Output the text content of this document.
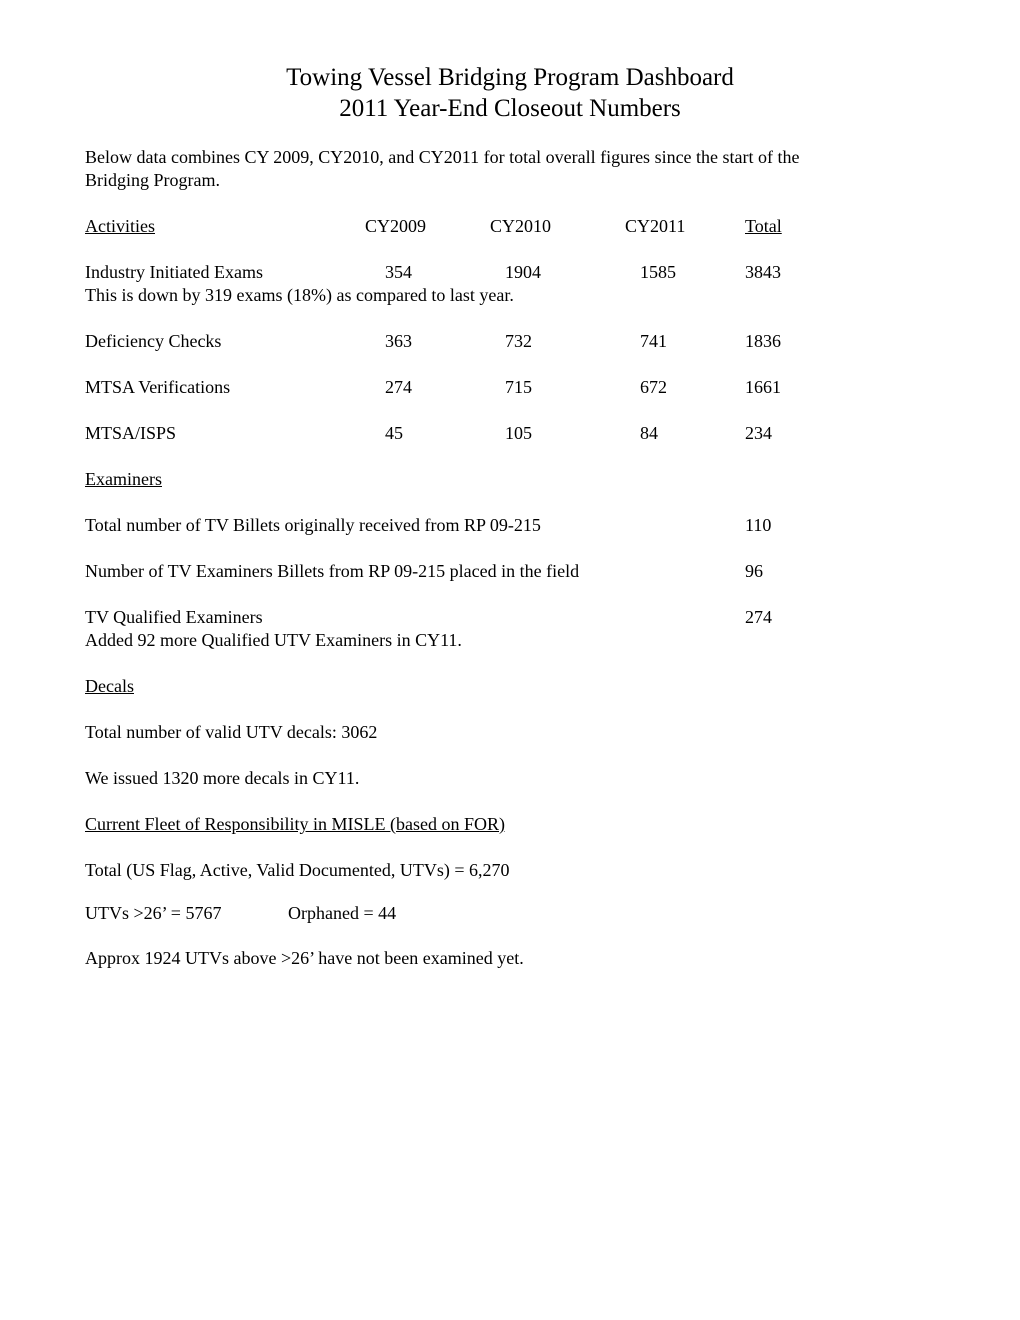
Towing Vessel Bridging Program Dashboard
2011 Year-End Closeout Numbers
Below data combines CY 2009, CY2010, and CY2011 for total overall figures since the start of the
Bridging Program.
Activities	CY2009	CY2010	CY2011	Total
Industry Initiated Exams	354	1904	1585	3843
This is down by 319 exams (18%) as compared to last year.
Deficiency Checks	363	732	741	1836
MTSA Verifications	274	715	672	1661
MTSA/ISPS	45	105	84	234
Examiners
Total number of TV Billets originally received from RP 09-215	110
Number of TV Examiners Billets from RP 09-215 placed in the field	96
TV Qualified Examiners	274
Added 92 more Qualified UTV Examiners in CY11.
Decals
Total number of valid UTV decals: 3062
We issued 1320 more decals in CY11.
Current Fleet of Responsibility in MISLE (based on FOR)
Total (US Flag, Active, Valid Documented, UTVs) = 6,270
UTVs >26’ = 5767	Orphaned = 44
Approx 1924 UTVs above >26’ have not been examined yet.
